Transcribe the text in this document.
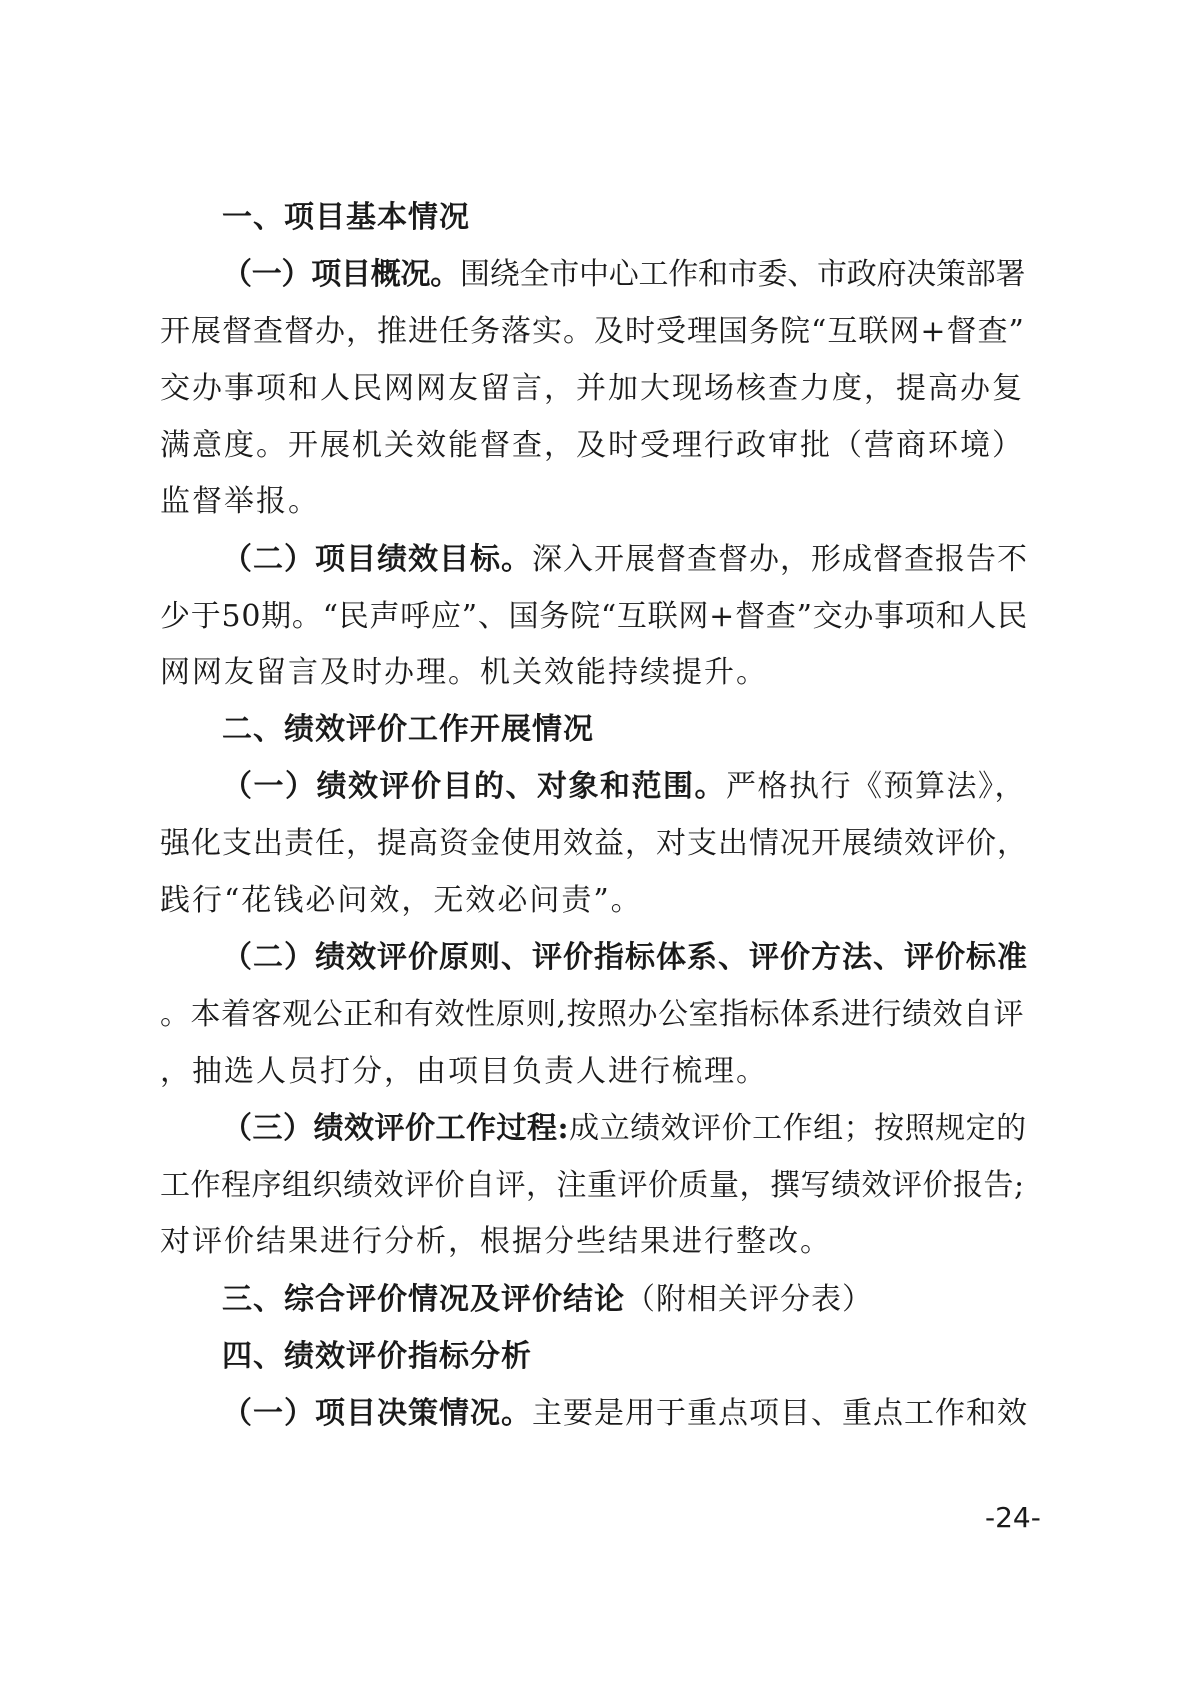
一、项目基本情况
（一）项目概况。围绕全市中心工作和市委、市政府决策部署
开展督查督办，推进任务落实。及时受理国务院“互联网+督查”
交办事项和人民网网友留言，并加大现场核查力度，提高办复
满意度。开展机关效能督查，及时受理行政审批（营商环境）
监督举报。
（二）项目绩效目标。深入开展督查督办，形成督查报告不
少于50期。“民声呼应”、国务院“互联网+督查”交办事项和人民
网网友留言及时办理。机关效能持续提升。
二、绩效评价工作开展情况
（一）绩效评价目的、对象和范围。严格执行《预算法》，
强化支出责任，提高资金使用效益，对支出情况开展绩效评价，
践行“花钱必问效，无效必问责”。
（二）绩效评价原则、评价指标体系、评价方法、评价标准
。本着客观公正和有效性原则,按照办公室指标体系进行绩效自评
，抽选人员打分，由项目负责人进行梳理。
（三）绩效评价工作过程:成立绩效评价工作组；按照规定的
工作程序组织绩效评价自评，注重评价质量，撰写绩效评价报告;
对评价结果进行分析，根据分些结果进行整改。
三、综合评价情况及评价结论（附相关评分表）
四、绩效评价指标分析
（一）项目决策情况。主要是用于重点项目、重点工作和效
-24-
